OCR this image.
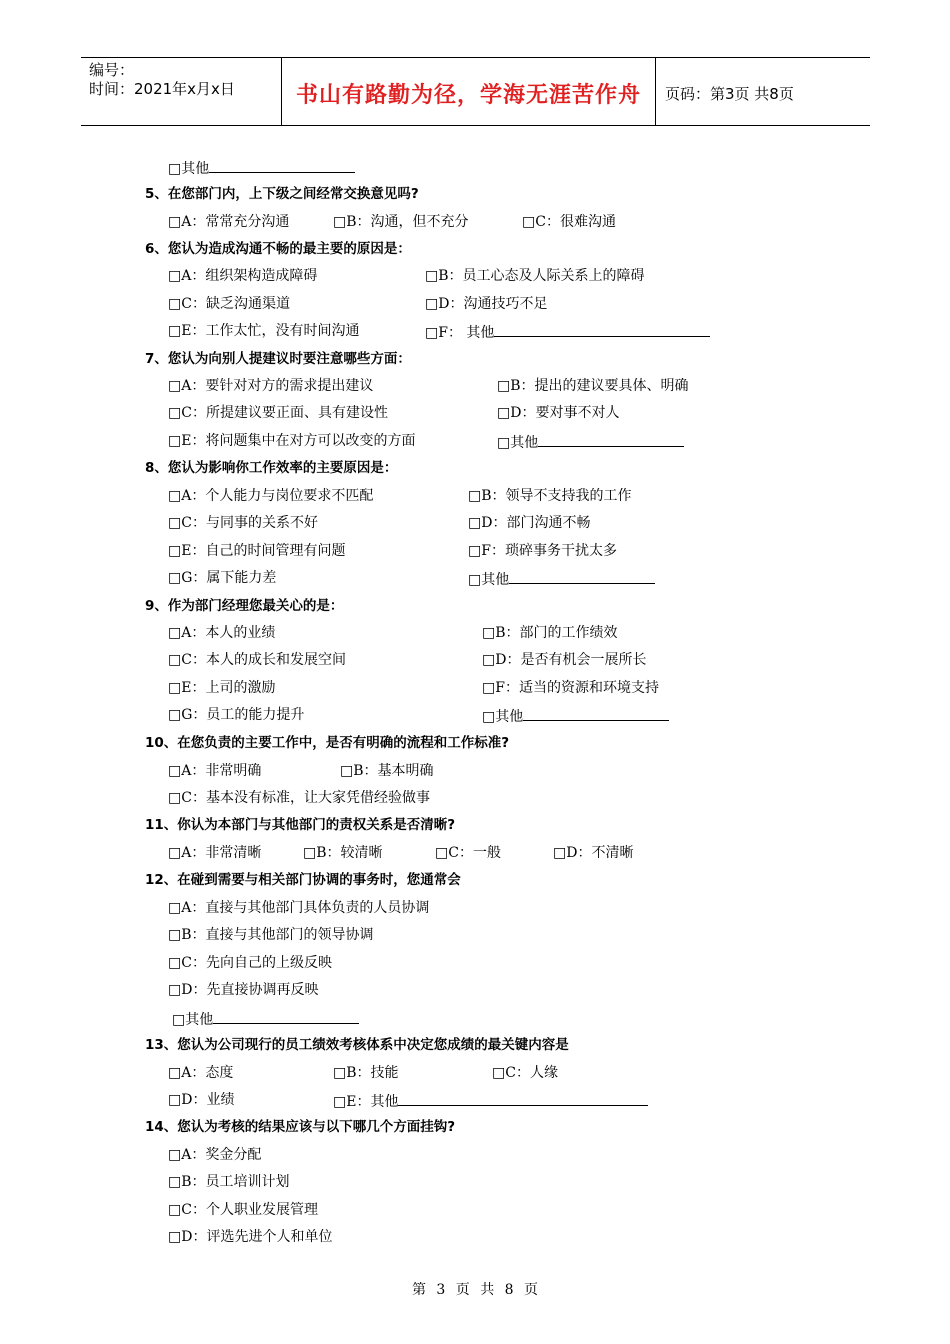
编号：
时间：2021年x月x日	书山有路勤为径，学海无涯苦作舟	页码：第3页 共8页
□其他
5、在您部门内，上下级之间经常交换意见吗?
□A：常常充分沟通	□B：沟通，但不充分	□C：很难沟通
6、您认为造成沟通不畅的最主要的原因是：
□A：组织架构造成障碍	□B：员工心态及人际关系上的障碍
□C：缺乏沟通渠道	□D：沟通技巧不足
□E：工作太忙，没有时间沟通	□F： 其他
7、您认为向别人提建议时要注意哪些方面：
□A：要针对对方的需求提出建议	□B：提出的建议要具体、明确
□C：所提建议要正面、具有建设性	□D：要对事不对人
□E：将问题集中在对方可以改变的方面	□其他
8、您认为影响你工作效率的主要原因是：
□A：个人能力与岗位要求不匹配	□B：领导不支持我的工作
□C：与同事的关系不好	□D：部门沟通不畅
□E：自己的时间管理有问题	□F：琐碎事务干扰太多
□G：属下能力差	□其他
9、作为部门经理您最关心的是：
□A：本人的业绩	□B：部门的工作绩效
□C：本人的成长和发展空间	□D：是否有机会一展所长
□E：上司的激励	□F：适当的资源和环境支持
□G：员工的能力提升	□其他
10、在您负责的主要工作中，是否有明确的流程和工作标准?
□A：非常明确	□B：基本明确
□C：基本没有标准，让大家凭借经验做事
11、你认为本部门与其他部门的责权关系是否清晰?
□A：非常清晰	□B：较清晰	□C：一般	□D：不清晰
12、在碰到需要与相关部门协调的事务时，您通常会
□A：直接与其他部门具体负责的人员协调
□B：直接与其他部门的领导协调
□C：先向自己的上级反映
□D：先直接协调再反映
□其他
13、您认为公司现行的员工绩效考核体系中决定您成绩的最关键内容是
□A：态度	□B：技能	□C：人缘
□D：业绩	□E：其他
14、您认为考核的结果应该与以下哪几个方面挂钩?
□A：奖金分配
□B：员工培训计划
□C：个人职业发展管理
□D：评选先进个人和单位
第 3 页 共 8 页
